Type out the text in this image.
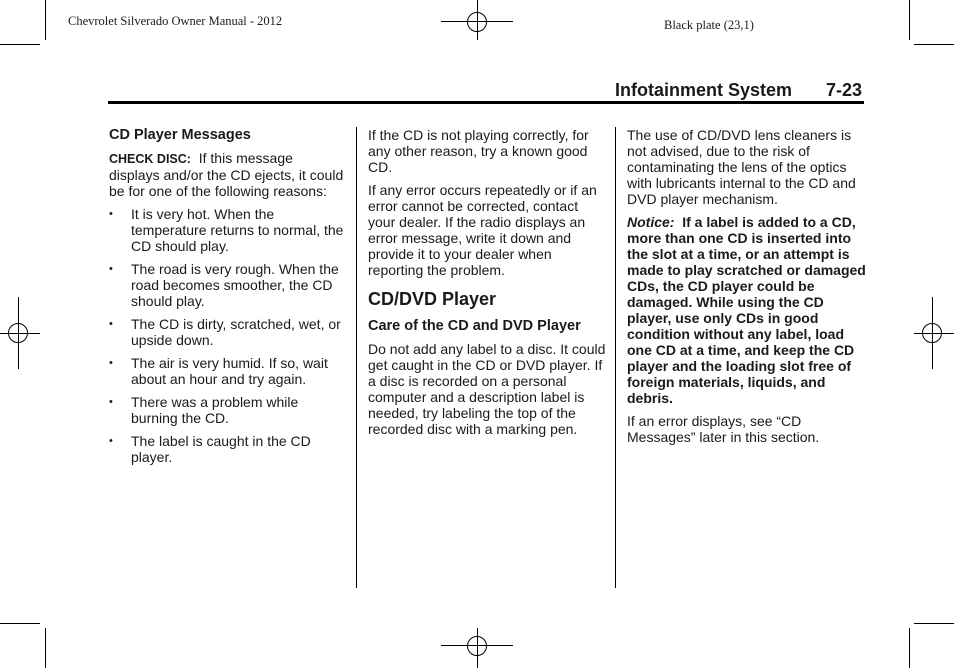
Chevrolet Silverado Owner Manual - 2012	Black plate (23,1)
Infotainment System 7-23
CD Player Messages

CHECK DISC: If this message displays and/or the CD ejects, it could be for one of the following reasons:

• It is very hot. When the temperature returns to normal, the CD should play.
• The road is very rough. When the road becomes smoother, the CD should play.
• The CD is dirty, scratched, wet, or upside down.
• The air is very humid. If so, wait about an hour and try again.
• There was a problem while burning the CD.
• The label is caught in the CD player.

If the CD is not playing correctly, for any other reason, try a known good CD.

If any error occurs repeatedly or if an error cannot be corrected, contact your dealer. If the radio displays an error message, write it down and provide it to your dealer when reporting the problem.

CD/DVD Player
Care of the CD and DVD Player

Do not add any label to a disc. It could get caught in the CD or DVD player. If a disc is recorded on a personal computer and a description label is needed, try labeling the top of the recorded disc with a marking pen.

The use of CD/DVD lens cleaners is not advised, due to the risk of contaminating the lens of the optics with lubricants internal to the CD and DVD player mechanism.

Notice: If a label is added to a CD, more than one CD is inserted into the slot at a time, or an attempt is made to play scratched or damaged CDs, the CD player could be damaged. While using the CD player, use only CDs in good condition without any label, load one CD at a time, and keep the CD player and the loading slot free of foreign materials, liquids, and debris.

If an error displays, see “CD Messages” later in this section.
